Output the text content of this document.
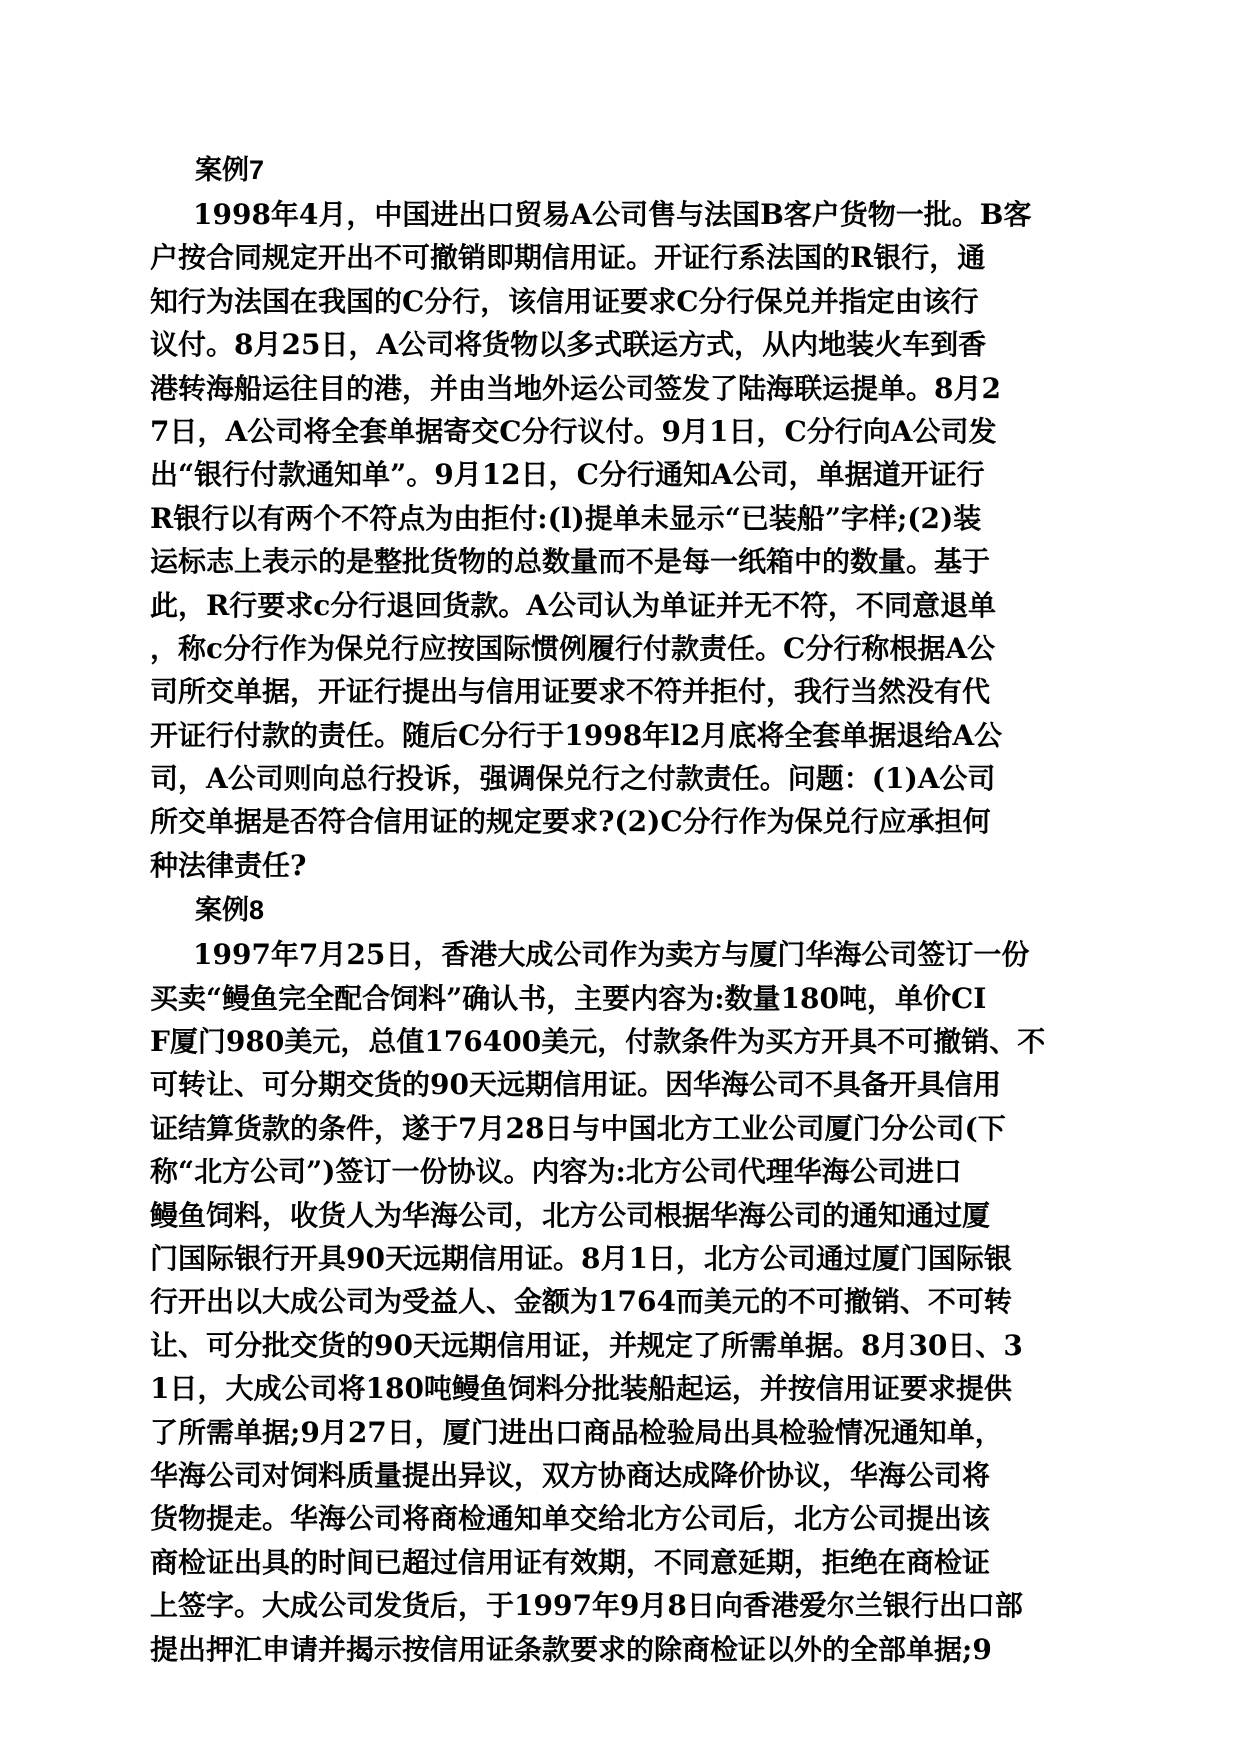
案例7
1998年4月，中国进出口贸易A公司售与法国B客户货物一批。B客
户按合同规定开出不可撤销即期信用证。开证行系法国的R银行，通
知行为法国在我国的C分行，该信用证要求C分行保兑并指定由该行
议付。8月25日，A公司将货物以多式联运方式，从内地装火车到香
港转海船运往目的港，并由当地外运公司签发了陆海联运提单。8月2
7日，A公司将全套单据寄交C分行议付。9月1日，C分行向A公司发
出“银行付款通知单”。9月12日，C分行通知A公司，单据道开证行
R银行以有两个不符点为由拒付:(l)提单未显示“已装船”字样;(2)装
运标志上表示的是整批货物的总数量而不是每一纸箱中的数量。基于
此，R行要求c分行退回货款。A公司认为单证并无不符，不同意退单
，称c分行作为保兑行应按国际惯例履行付款责任。C分行称根据A公
司所交单据，开证行提出与信用证要求不符并拒付，我行当然没有代
开证行付款的责任。随后C分行于1998年l2月底将全套单据退给A公
司，A公司则向总行投诉，强调保兑行之付款责任。问题：(1)A公司
所交单据是否符合信用证的规定要求?(2)C分行作为保兑行应承担何
种法律责任?
案例8
1997年7月25日，香港大成公司作为卖方与厦门华海公司签订一份
买卖“鳗鱼完全配合饲料”确认书，主要内容为:数量180吨，单价CI
F厦门980美元，总值176400美元，付款条件为买方开具不可撤销、不
可转让、可分期交货的90天远期信用证。因华海公司不具备开具信用
证结算货款的条件，遂于7月28日与中国北方工业公司厦门分公司(下
称“北方公司”)签订一份协议。内容为:北方公司代理华海公司进口
鳗鱼饲料，收货人为华海公司，北方公司根据华海公司的通知通过厦
门国际银行开具90天远期信用证。8月1日，北方公司通过厦门国际银
行开出以大成公司为受益人、金额为1764而美元的不可撤销、不可转
让、可分批交货的90天远期信用证，并规定了所需单据。8月30日、3
1日，大成公司将180吨鳗鱼饲料分批装船起运，并按信用证要求提供
了所需单据;9月27日，厦门进出口商品检验局出具检验情况通知单，
华海公司对饲料质量提出异议，双方协商达成降价协议，华海公司将
货物提走。华海公司将商检通知单交给北方公司后，北方公司提出该
商检证出具的时间已超过信用证有效期，不同意延期，拒绝在商检证
上签字。大成公司发货后，于1997年9月8日向香港爱尔兰银行出口部
提出押汇申请并揭示按信用证条款要求的除商检证以外的全部单据;9
